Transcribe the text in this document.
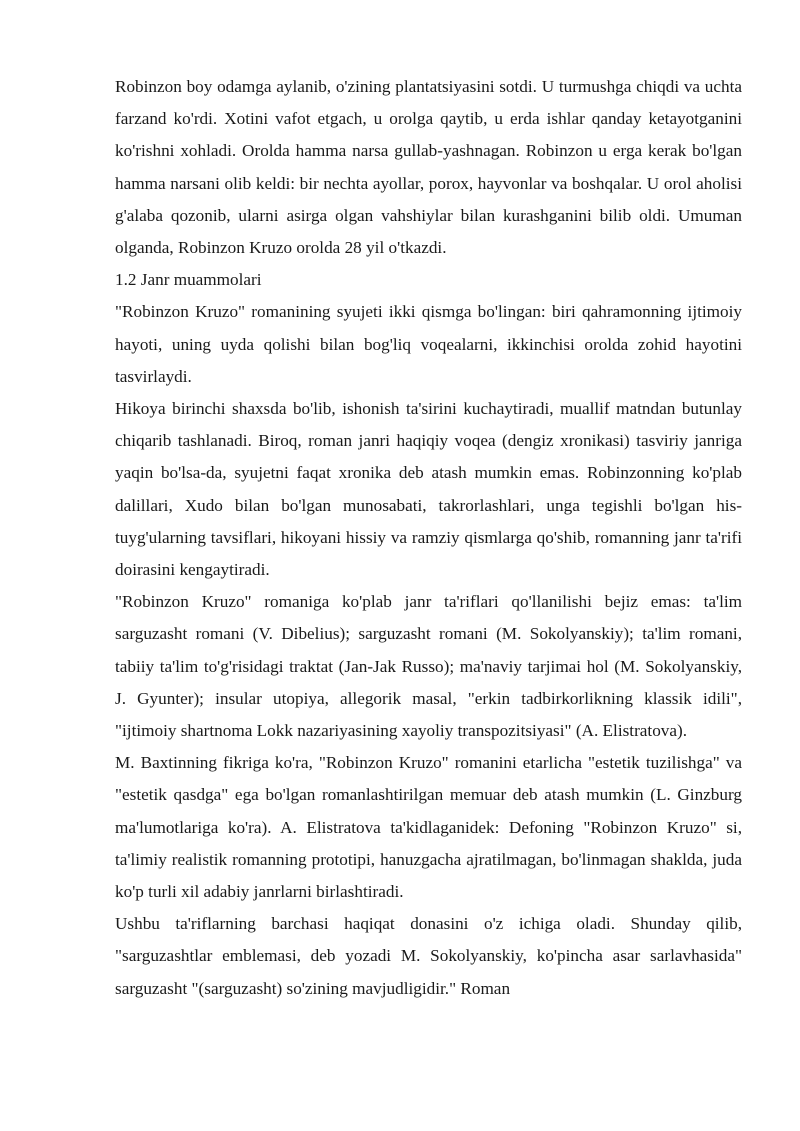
Robinzon boy odamga aylanib, o'zining plantatsiyasini sotdi. U turmushga chiqdi va uchta farzand ko'rdi. Xotini vafot etgach, u orolga qaytib, u erda ishlar qanday ketayotganini ko'rishni xohladi. Orolda hamma narsa gullab-yashnagan. Robinzon u erga kerak bo'lgan hamma narsani olib keldi: bir nechta ayollar, porox, hayvonlar va boshqalar. U orol aholisi g'alaba qozonib, ularni asirga olgan vahshiylar bilan kurashganini bilib oldi. Umuman olganda, Robinzon Kruzo orolda 28 yil o'tkazdi.

1.2 Janr muammolari

"Robinzon Kruzo" romanining syujeti ikki qismga bo'lingan: biri qahramonning ijtimoiy hayoti, uning uyda qolishi bilan bog'liq voqealarni, ikkinchisi orolda zohid hayotini tasvirlaydi.

Hikoya birinchi shaxsda bo'lib, ishonish ta'sirini kuchaytiradi, muallif matndan butunlay chiqarib tashlanadi. Biroq, roman janri haqiqiy voqea (dengiz xronikasi) tasviriy janriga yaqin bo'lsa-da, syujetni faqat xronika deb atash mumkin emas. Robinzonning ko'plab dalillari, Xudo bilan bo'lgan munosabati, takrorlashlari, unga tegishli bo'lgan his-tuyg'ularning tavsiflari, hikoyani hissiy va ramziy qismlarga qo'shib, romanning janr ta'rifi doirasini kengaytiradi.

"Robinzon Kruzo" romaniga ko'plab janr ta'riflari qo'llanilishi bejiz emas: ta'lim sarguzasht romani (V. Dibelius); sarguzasht romani (M. Sokolyanskiy); ta'lim romani, tabiiy ta'lim to'g'risidagi traktat (Jan-Jak Russo); ma'naviy tarjimai hol (M. Sokolyanskiy, J. Gyunter); insular utopiya, allegorik masal, "erkin tadbirkorlikning klassik idili", "ijtimoiy shartnoma Lokk nazariyasining xayoliy transpozitsiyasi" (A. Elistratova).

M. Baxtinning fikriga ko'ra, "Robinzon Kruzo" romanini etarlicha "estetik tuzilishga" va "estetik qasdga" ega bo'lgan romanlashtirilgan memuar deb atash mumkin (L. Ginzburg ma'lumotlariga ko'ra). A. Elistratova ta'kidlaganidek: Defoning "Robinzon Kruzo" si, ta'limiy realistik romanning prototipi, hanuzgacha ajratilmagan, bo'linmagan shaklda, juda ko'p turli xil adabiy janrlarni birlashtiradi.

Ushbu ta'riflarning barchasi haqiqat donasini o'z ichiga oladi. Shunday qilib, "sarguzashtlar emblemasi, deb yozadi M. Sokolyanskiy, ko'pincha asar sarlavhasida" sarguzasht "(sarguzasht) so'zining mavjudligidir." Roman
